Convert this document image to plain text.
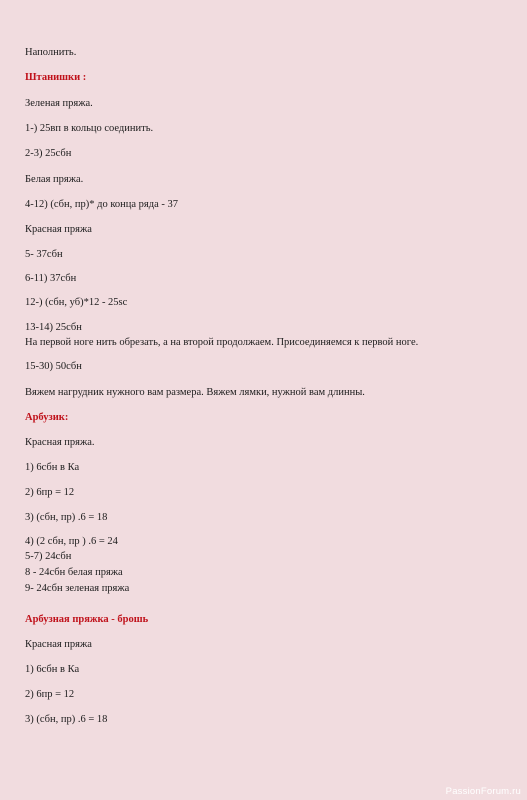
Наполнить.
Штанишки :
Зеленая пряжа.
1-) 25вп в кольцо соединить.
2-3) 25сбн
Белая пряжа.
4-12) (сбн, пр)* до конца ряда - 37
Красная пряжа
5- 37сбн
6-11) 37сбн
12-) (сбн, уб)*12 - 25sc
13-14) 25сбн
На первой ноге нить обрезать, а на второй продолжаем. Присоединяемся к первой ноге.
15-30) 50сбн
Вяжем нагрудник нужного вам размера. Вяжем лямки, нужной вам длинны.
Арбузик:
Красная пряжа.
1) 6сбн в Ка
2) 6пр = 12
3) (сбн, пр) .6 = 18
4) (2 сбн, пр ) .6 = 24
5-7) 24сбн
8 - 24сбн белая пряжа
9- 24сбн зеленая пряжа
Арбузная пряжка - брошь
Красная пряжа
1) 6сбн в Ка
2) 6пр = 12
3) (сбн, пр) .6 = 18
PassionForum.ru
